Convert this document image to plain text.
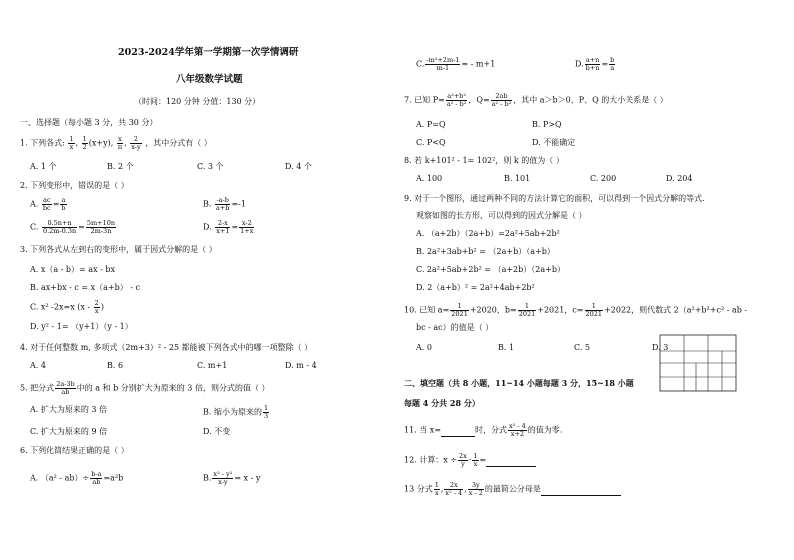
2023-2024学年第一学期第一次学情调研
八年级数学试题
（时间：120 分钟 分值：130 分）
一、选择题（每小题 3 分，共 30 分）
1. 下列各式: $\frac{1}{x}$ , $\frac{1}{2} (x+y)$, $\frac{x}{\pi}$ , $\frac{2}{x-y}$ ，其中分式有（ ）
A. 1 个	B. 2 个	C. 3 个	D. 4 个
2. 下列变形中，错误的是（ ）
A. $\frac{ac}{bc} = \frac{a}{b}$	B. $\frac{-a-b}{a+b} =-1$
C. $\frac{0.5n+n}{0.2m-0.3n} = \frac{5m+10n}{2m-3n}$	D. $\frac{2-x}{x+1} = \frac{x-2}{1+x}$
3. 下列各式从左到右的变形中，属于因式分解的是（ ）
A. x（a - b）= ax - bx
B. ax+bx - c = x（a+b） - c
C. x² -2x=x ($x - \frac{2}{x}$ )
D. y² - 1= （y+1）（y - 1）
4. 对于任何整数 m, 多项式（2m+3）² - 25 都能被下列各式中的哪一项整除（ ）
A. 4	B. 6	C. m+1	D. m - 4
5. 把分式 $\frac{2a-3b}{ab}$ 中的 a 和 b 分别扩大为原来的 3 倍，则分式的值（ ）
A. 扩大为原来的 3 倍	B. 缩小为原来的 $\frac{1}{3}$
C. 扩大为原来的 9 倍	D. 不变
6. 下列化简结果正确的是（ ）
A. $(a^2 - ab)\div \frac{b-a}{ab} =a^2b$	B. $\frac{\text{x² - y²}}{x-y} = x - y$
C. $\frac{\text{-m²+2m-1}}{m-1}$ = - m+1	D. $\frac{a+n}{b+n} = \frac{b}{a}$
7. 已知 $P= \frac{\text{a²+b²}}{\text{a² - b²}}$ ，$Q= \frac{2ab}{\text{a² - b²}}$ ，其中 a＞b＞0，P、Q 的大小关系是（ ）
A. P=Q	B. P>Q
C. P<Q	D. 不能确定
8. 若 k+101² - 1= 102²，则 k 的值为（ ）
A. 100	B. 101	C. 200	D. 204
9. 对于一个图形，通过两种不同的方法计算它的面积，可以得到一个因式分解的等式.
观察如图的长方形，可以得到的因式分解是（ ）
A. （a+2b）（2a+b）=2a²+5ab+2b²
B. 2a²+3ab+b² = （2a+b）（a+b）
C. 2a²+5ab+2b² = （a+2b）（2a+b）
D. 2（a+b）² = 2a²+4ab+2b²
10. 已知 $a= \frac{1}{2021} +2020$，$b= \frac{1}{2021} +2021$，$c= \frac{1}{2021} +2022$，则代数式 2（a²+b²+c² - ab -
bc - ac）的值是（ ）
A. 0	B. 1	C. 5	D. 3
二、填空题（共 8 小题，11~14 小题每题 3 分，15~18 小题
每题 4 分共 28 分）
11. 当 x=	时，分式 $\frac{\text{x² - 4}}{x+2}$ 的值为零.
12. 计算：$x \div \frac{2x}{y} \cdot \frac{1}{x}$ =
13 分式 $\frac{1}{x}$ , $\frac{2x}{\text{x² - 4}}$ , $\frac{3y}{x - 2}$ 的最简公分母是
